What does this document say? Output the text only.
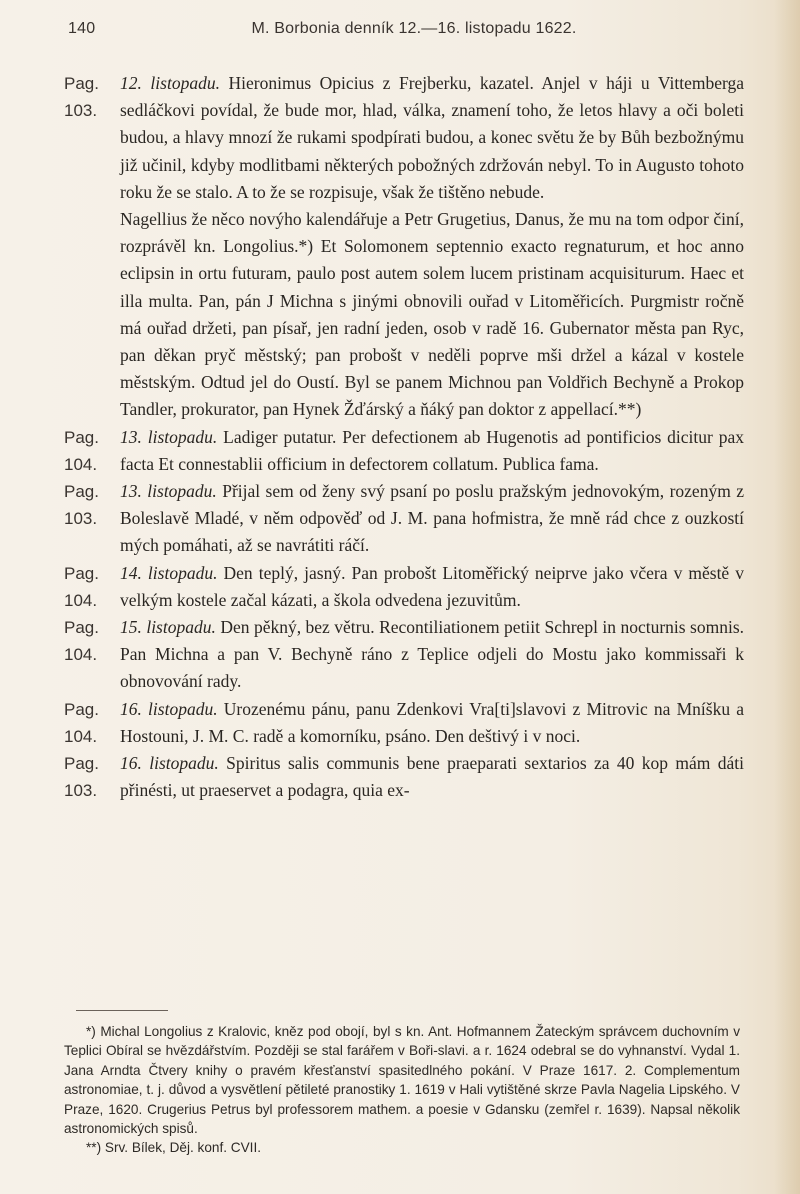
140	M. Borbonia denník 12.—16. listopadu 1622.
Pag. 103.
12. listopadu. Hieronimus Opicius z Frejberku, kazatel. Anjel v háji u Vittemberga sedláčkovi povídal, že bude mor, hlad, válka, znamení toho, že letos hlavy a oči boleti budou, a hlavy mnozí že rukami spodpírati budou, a konec světu že by Bůh bezbožnýmu již učinil, kdyby modlitbami některých pobožných zdržován nebyl. To in Augusto tohoto roku že se stalo. A to že se rozpisuje, však že tištěno nebude.
Nagellius že něco novýho kalendářuje a Petr Grugetius, Danus, že mu na tom odpor činí, rozprávěl kn. Longolius.*) Et Solomonem septennio exacto regnaturum, et hoc anno eclipsin in ortu futuram, paulo post autem solem lucem pristinam acquisiturum. Haec et illa multa. Pan, pán J Michna s jinými obnovili ouřad v Litoměřicích. Purgmistr ročně má ouřad držeti, pan písař, jen radní jeden, osob v radě 16. Gubernator města pan Ryc, pan děkan pryč městský; pan probošt v neděli poprve mši držel a kázal v kostele městským. Odtud jel do Oustí. Byl se panem Michnou pan Voldřich Bechyně a Prokop Tandler, prokurator, pan Hynek Žďárský a ňáký pan doktor z appellací.**)
Pag. 104.
13. listopadu. Ladiger putatur. Per defectionem ab Hugenotis ad pontificios dicitur pax facta Et connestablii officium in defectorem collatum. Publica fama.
Pag. 103.
13. listopadu. Přijal sem od ženy svý psaní po poslu pražským jednovokým, rozeným z Boleslavě Mladé, v něm odpověď od J. M. pana hofmistra, že mně rád chce z ouzkostí mých pomáhati, až se navrátiti ráčí.
Pag. 104.
14. listopadu. Den teplý, jasný. Pan probošt Litoměřický neiprve jako včera v městě v velkým kostele začal kázati, a škola odvedena jezuvitům.
Pag. 104.
15. listopadu. Den pěkný, bez větru. Recontiliationem petiit Schrepl in nocturnis somnis. Pan Michna a pan V. Bechyně ráno z Teplice odjeli do Mostu jako kommissaři k obnovování rady.
Pag. 104.
16. listopadu. Urozenému pánu, panu Zdenkovi Vra[ti]slavovi z Mitrovic na Mníšku a Hostouni, J. M. C. radě a komorníku, psáno. Den deštivý i v noci.
Pag. 103.
16. listopadu. Spiritus salis communis bene praeparati sextarios za 40 kop mám dáti přinésti, ut praeservet a podagra, quia ex-

*) Michal Longolius z Kralovic, kněz pod obojí, byl s kn. Ant. Hofmannem Žateckým správcem duchovním v Teplici Obíral se hvězdářstvím. Později se stal farářem v Boři-slavi. a r. 1624 odebral se do vyhnanství. Vydal 1. Jana Arndta Čtvery knihy o pravém křesťanství spasitedlného pokání. V Praze 1617. 2. Complementum astronomiae, t. j. důvod a vysvětlení pětileté pranostiky 1. 1619 v Hali vytištěné skrze Pavla Nagelia Lipského. V Praze, 1620. Crugerius Petrus byl professorem mathem. a poesie v Gdansku (zemřel r. 1639). Napsal několik astronomických spisů.

**) Srv. Bílek, Děj. konf. CVII.
